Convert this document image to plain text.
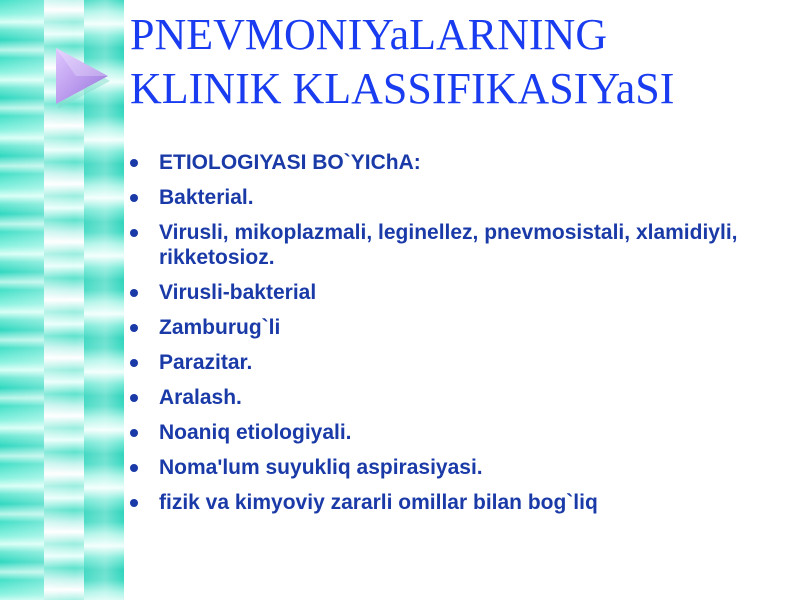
PNEVMONIYaLARNING
KLINIK KLASSIFIKASIYaSI
ETIOLOGIYASI BO`YIChA:
Bakterial.
Virusli, mikoplazmali, leginellez, pnevmosistali, xlamidiyli, rikketosioz.
Virusli-bakterial
Zamburug`li
Parazitar.
Aralash.
Noaniq etiologiyali.
Noma'lum suyukliq aspirasiyasi.
fizik va kimyoviy zararli omillar bilan bog`liq
